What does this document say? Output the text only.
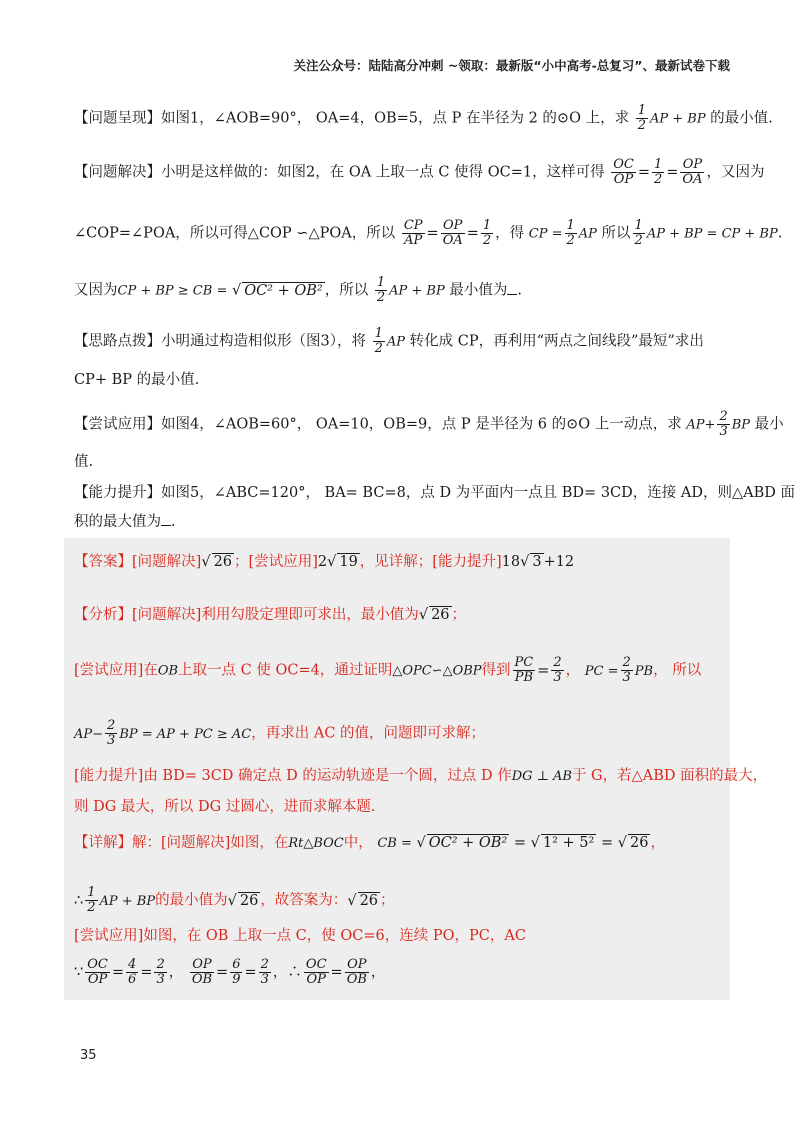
关注公众号：陆陆高分冲刺 ~领取：最新版“小中高考-总复习”、最新试卷下载
【问题呈现】如图1，∠AOB=90°， OA=4，OB=5，点 P 在半径为 2 的⊙O 上，求 $\frac{1}{2}$ AP + BP 的最小值.
【问题解决】小明是这样做的：如图2，在 OA 上取一点 C 使得 OC=1，这样可得 $\frac{OC}{OP} = \frac{1}{2} = \frac{OP}{OA}$ ，又因为
∠COP=∠POA，所以可得△COP ∽△POA，所以 $\frac{CP}{AP} = \frac{OP}{OA} = \frac{1}{2}$ ，得 CP = $\frac{1}{2}$ AP 所以 $\frac{1}{2}$ AP + BP = CP + BP.
又因为CP + BP ≥ CB = √ OC² + OB² ，所以 $\frac{1}{2}$ AP + BP 最小值为 .
【思路点拨】小明通过构造相似形（图3），将 $\frac{1}{2}$ AP 转化成 CP，再利用“两点之间线段”最短”求出
CP+ BP 的最小值.
【尝试应用】如图4，∠AOB=60°， OA=10，OB=9，点 P 是半径为 6 的⊙O 上一动点，求 $AP+ \frac{2}{3}$ BP 最小
值.
【能力提升】如图5，∠ABC=120°， BA= BC=8，点 D 为平面内一点且 BD= 3CD，连接 AD，则△ABD 面
积的最大值为 .
【答案】[问题解决]√ 26 ；[尝试应用]2√ 19 ，见详解；[能力提升]18√ 3 +12
【分析】[问题解决]利用勾股定理即可求出，最小值为√ 26 ；
[尝试应用]在OB上取一点 C 使 OC=4，通过证明△OPC∽△OBP得到 $\frac{PC}{PB} = \frac{2}{3}$ ， PC = $\frac{2}{3}$ PB， 所以
$AP- \frac{2}{3}$ BP = AP + PC ≥ AC，再求出 AC 的值，问题即可求解；
[能力提升]由 BD= 3CD 确定点 D 的运动轨迹是一个圆，过点 D 作DG ⊥ AB于 G，若△ABD 面积的最大，
则 DG 最大，所以 DG 过圆心，进而求解本题.
【详解】解：[问题解决]如图，在Rt△BOC中， CB = √ OC² + OB² = √ 1² + 5² = √ 26 ，
∴ $\frac{1}{2}$ AP + BP的最小值为√ 26 ，故答案为：√ 26 ；
[尝试应用]如图，在 OB 上取一点 C，使 OC=6，连续 PO，PC，AC
∵ $\frac{OC}{OP} = \frac{4}{6} = \frac{2}{3}$ ， $\frac{OP}{OB} = \frac{6}{9} = \frac{2}{3}$ ，∴ $\frac{OC}{OP} = \frac{OP}{OB}$ ，
35
